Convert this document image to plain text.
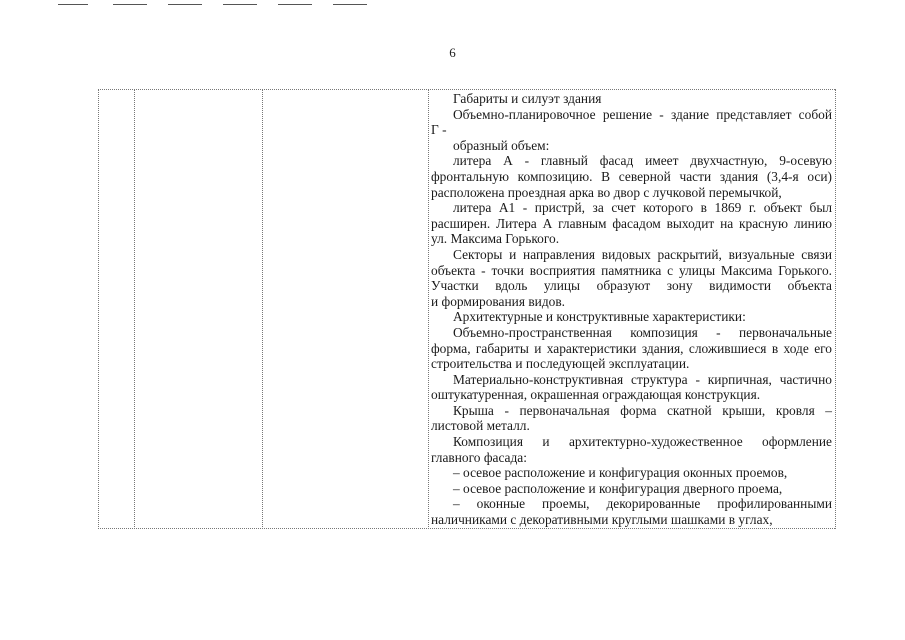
6
Габариты и силуэт здания
Объемно-планировочное решение - здание представляет собой
Г -
образный объем:
литера А - главный фасад имеет двухчастную, 9-осевую
фронтальную композицию. В северной части здания (3,4-я оси)
расположена проездная арка во двор с лучковой перемычкой,
литера А1 - пристрй, за счет которого в 1869 г. объект был
расширен. Литера А главным фасадом выходит на красную линию
ул. Максима Горького.
Секторы и направления видовых раскрытий, визуальные связи
объекта - точки восприятия памятника с улицы Максима Горького.
Участки вдоль улицы образуют зону видимости объекта
и формирования видов.
Архитектурные и конструктивные характеристики:
Объемно-пространственная композиция - первоначальные
форма, габариты и характеристики здания, сложившиеся в ходе его
строительства и последующей эксплуатации.
Материально-конструктивная структура - кирпичная, частично
оштукатуренная, окрашенная ограждающая конструкция.
Крыша - первоначальная форма скатной крыши, кровля –
листовой металл.
Композиция и архитектурно-художественное оформление
главного фасада:
– осевое расположение и конфигурация оконных проемов,
– осевое расположение и конфигурация дверного проема,
– оконные проемы, декорированные профилированными
наличниками с декоративными круглыми шашками в углах,
